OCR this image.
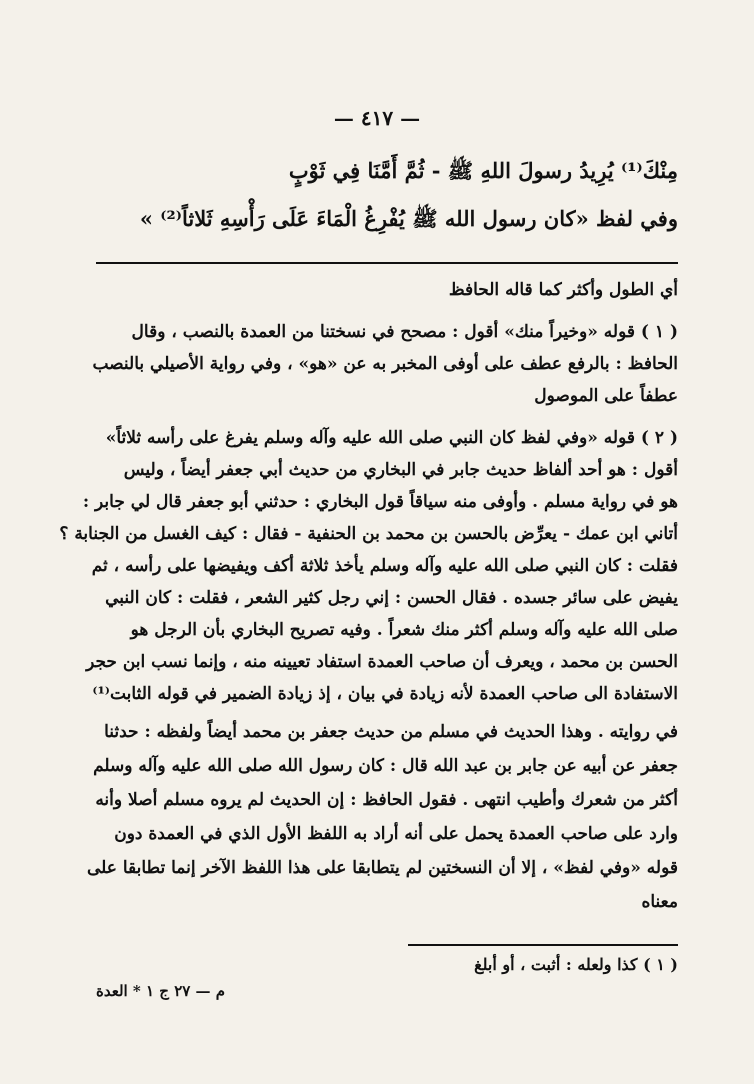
— ٤١٧ —
مِنْكَ⁽¹⁾ يُرِيدُ رسولَ اللهِ ﷺ - ثُمَّ أَمَّنَا فِي ثَوْبٍ
وفي لفظ «كان رسول الله ﷺ يُفْرِغُ الْمَاءَ عَلَى رَأْسِهِ ثَلاثاً⁽²⁾ »
أي الطول وأكثر كما قاله الحافظ
( ١ ) قوله «وخيراً منك» أقول : مصحح في نسختنا من العمدة بالنصب ، وقال
الحافظ : بالرفع عطف على أوفى المخبر به عن «هو» ، وفي رواية الأصيلي بالنصب
عطفاً على الموصول
( ٢ ) قوله «وفي لفظ كان النبي صلى الله عليه وآله وسلم يفرغ على رأسه ثلاثاً»
أقول : هو أحد ألفاظ حديث جابر في البخاري من حديث أبي جعفر أيضاً ، وليس
هو في رواية مسلم . وأوفى منه سياقاً قول البخاري : حدثني أبو جعفر قال لي جابر :
أتاني ابن عمك - يعرِّض بالحسن بن محمد بن الحنفية - فقال : كيف الغسل من الجنابة ؟
فقلت : كان النبي صلى الله عليه وآله وسلم يأخذ ثلاثة أكف ويفيضها على رأسه ، ثم
يفيض على سائر جسده . فقال الحسن : إني رجل كثير الشعر ، فقلت : كان النبي
صلى الله عليه وآله وسلم أكثر منك شعراً . وفيه تصريح البخاري بأن الرجل هو
الحسن بن محمد ، ويعرف أن صاحب العمدة استفاد تعيينه منه ، وإنما نسب ابن حجر
الاستفادة الى صاحب العمدة لأنه زيادة في بيان ، إذ زيادة الضمير في قوله الثابت⁽¹⁾
في روايته . وهذا الحديث في مسلم من حديث جعفر بن محمد أيضاً ولفظه : حدثنا
جعفر عن أبيه عن جابر بن عبد الله قال : كان رسول الله صلى الله عليه وآله وسلم
أكثر من شعرك وأطيب انتهى . فقول الحافظ : إن الحديث لم يروه مسلم أصلا وأنه
وارد على صاحب العمدة يحمل على أنه أراد به اللفظ الأول الذي في العمدة دون
قوله «وفي لفظ» ، إلا أن النسختين لم يتطابقا على هذا اللفظ الآخر إنما تطابقا على
معناه
( ١ ) كذا ولعله : أثبت ، أو أبلغ
م — ٢٧ ج ١ * العدة
